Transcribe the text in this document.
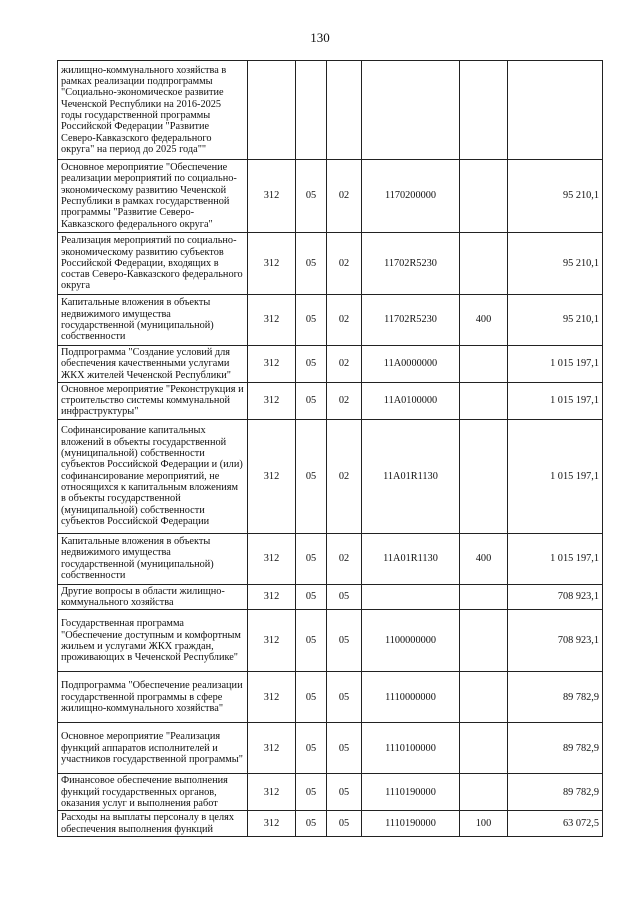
130
жилищно-коммунального хозяйства в рамках реализации подпрограммы "Социально-экономическое развитие Чеченской Республики на 2016-2025 годы государственной программы Российской Федерации "Развитие Северо-Кавказского федерального округа" на период до 2025 года""						
Основное мероприятие "Обеспечение реализации мероприятий по социально-экономическому развитию Чеченской Республики в рамках государственной программы "Развитие Северо-Кавказского федерального округа"	312	05	02	1170200000		95 210,1
Реализация мероприятий по социально-экономическому развитию субъектов Российской Федерации, входящих в состав Северо-Кавказского федерального округа	312	05	02	11702R5230		95 210,1
Капитальные вложения в объекты недвижимого имущества государственной (муниципальной) собственности	312	05	02	11702R5230	400	95 210,1
Подпрограмма "Создание условий для обеспечения качественными услугами ЖКХ жителей Чеченской Республики"	312	05	02	11А0000000		1 015 197,1
Основное мероприятие "Реконструкция и строительство системы коммунальной инфраструктуры"	312	05	02	11А0100000		1 015 197,1
Софинансирование капитальных вложений в объекты государственной (муниципальной) собственности субъектов Российской Федерации и (или) софинансирование мероприятий, не относящихся к капитальным вложениям в объекты государственной (муниципальной) собственности субъектов Российской Федерации	312	05	02	11А01R1130		1 015 197,1
Капитальные вложения в объекты недвижимого имущества государственной (муниципальной) собственности	312	05	02	11А01R1130	400	1 015 197,1
Другие вопросы в области жилищно-коммунального хозяйства	312	05	05			708 923,1
Государственная программа "Обеспечение доступным и комфортным жильем и услугами ЖКХ граждан, проживающих в Чеченской Республике"	312	05	05	1100000000		708 923,1
Подпрограмма "Обеспечение реализации государственной программы в сфере жилищно-коммунального хозяйства"	312	05	05	1110000000		89 782,9
Основное мероприятие "Реализация функций аппаратов исполнителей и участников государственной программы"	312	05	05	1110100000		89 782,9
Финансовое обеспечение выполнения функций государственных органов, оказания услуг и выполнения работ	312	05	05	1110190000		89 782,9
Расходы на выплаты персоналу в целях обеспечения выполнения функций	312	05	05	1110190000	100	63 072,5
